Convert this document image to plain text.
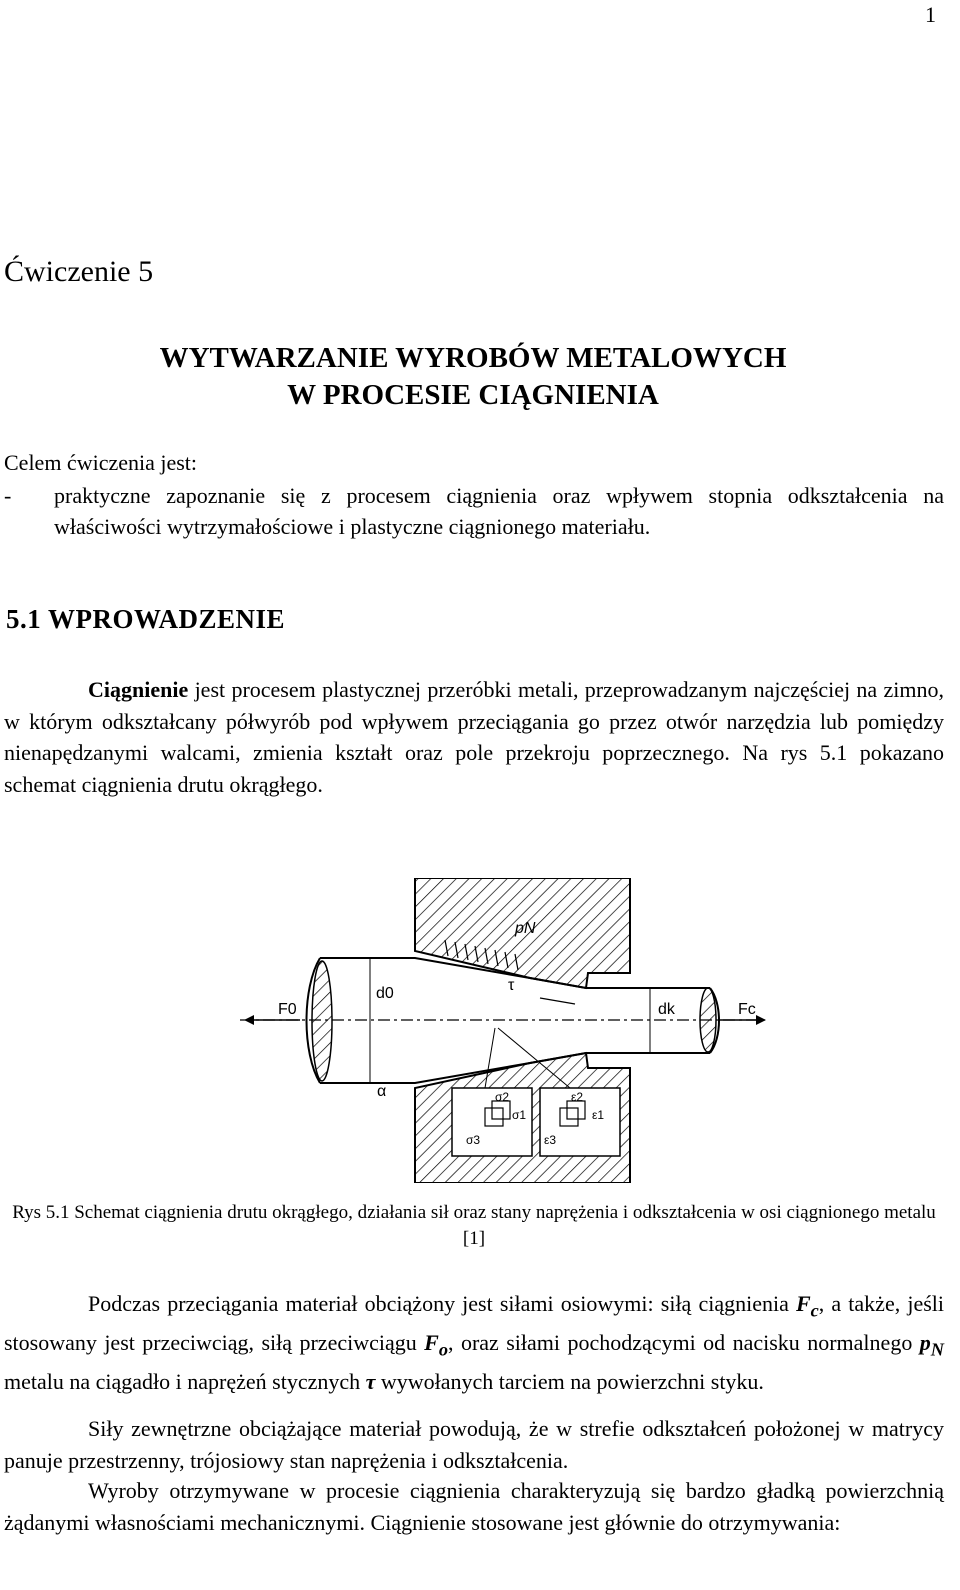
1
Ćwiczenie 5
WYTWARZANIE WYROBÓW METALOWYCH
W PROCESIE CIĄGNIENIA
Celem ćwiczenia jest:
- praktyczne zapoznanie się z procesem ciągnienia oraz wpływem stopnia odkształcenia na właściwości wytrzymałościowe i plastyczne ciągnionego materiału.
5.1 WPROWADZENIE
Ciągnienie jest procesem plastycznej przeróbki metali, przeprowadzanym najczęściej na zimno, w którym odkształcany półwyrób pod wpływem przeciągania go przez otwór narzędzia lub pomiędzy nienapędzanymi walcami, zmienia kształt oraz pole przekroju poprzecznego. Na rys 5.1 pokazano schemat ciągnienia drutu okrągłego.
F0
d0
pN
τ
dk	Fc
α	σ2
σ1
σ3
ε2
ε1
ε3
Rys 5.1 Schemat ciągnienia drutu okrągłego, działania sił oraz stany naprężenia i odkształcenia w osi ciągnionego metalu [1]
Podczas przeciągania materiał obciążony jest siłami osiowymi: siłą ciągnienia $F_c$, a także, jeśli stosowany jest przeciwciąg, siłą przeciwciągu $F_o$, oraz siłami pochodzącymi od nacisku normalnego $p_N$ metalu na ciągadło i naprężeń stycznych τ wywołanych tarciem na powierzchni styku.
Siły zewnętrzne obciążające materiał powodują, że w strefie odkształceń położonej w matrycy panuje przestrzenny, trójosiowy stan naprężenia i odkształcenia.
Wyroby otrzymywane w procesie ciągnienia charakteryzują się bardzo gładką powierzchnią żądanymi własnościami mechanicznymi. Ciągnienie stosowane jest głównie do otrzymywania:
